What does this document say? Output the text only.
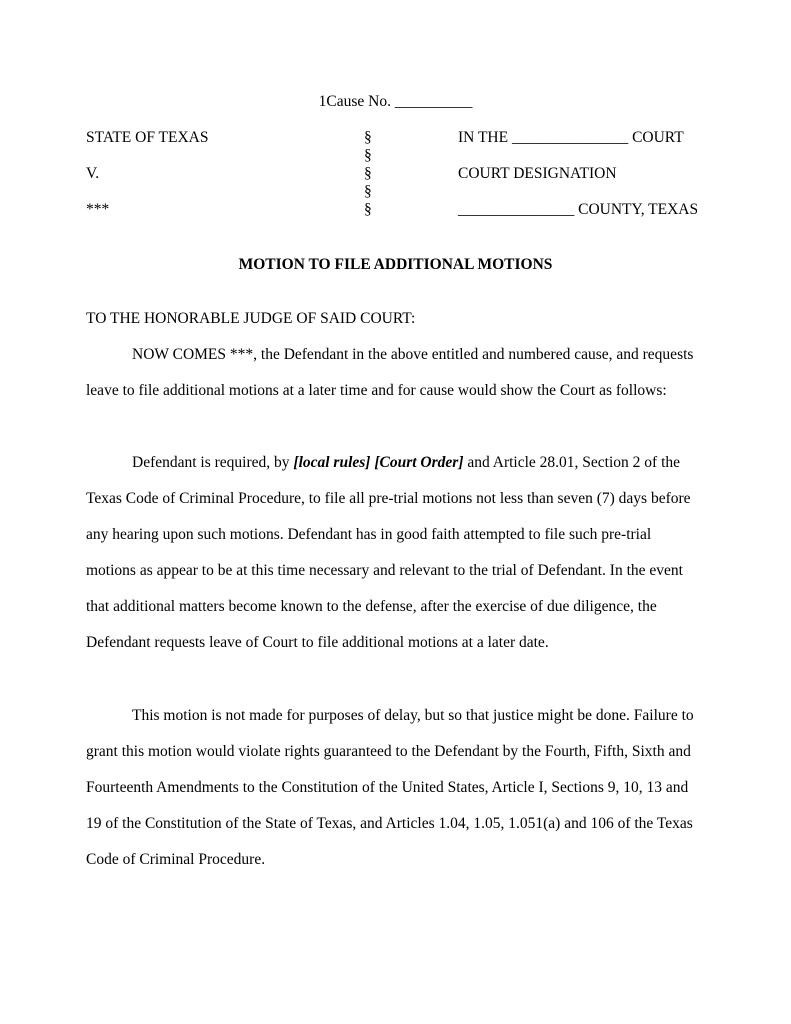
1Cause No. __________
STATE OF TEXAS
V.
***
§
§
§
§
§
IN THE _______________ COURT
COURT DESIGNATION
_______________ COUNTY, TEXAS
MOTION TO FILE ADDITIONAL MOTIONS
TO THE HONORABLE JUDGE OF SAID COURT:
NOW COMES ***, the Defendant in the above entitled and numbered cause, and requests
leave to file additional motions at a later time and for cause would show the Court as follows:
Defendant is required, by [local rules] [Court Order] and Article 28.01, Section 2 of the
Texas Code of Criminal Procedure, to file all pre-trial motions not less than seven (7) days before
any hearing upon such motions. Defendant has in good faith attempted to file such pre-trial
motions as appear to be at this time necessary and relevant to the trial of Defendant. In the event
that additional matters become known to the defense, after the exercise of due diligence, the
Defendant requests leave of Court to file additional motions at a later date.
This motion is not made for purposes of delay, but so that justice might be done. Failure to
grant this motion would violate rights guaranteed to the Defendant by the Fourth, Fifth, Sixth and
Fourteenth Amendments to the Constitution of the United States, Article I, Sections 9, 10, 13 and
19 of the Constitution of the State of Texas, and Articles 1.04, 1.05, 1.051(a) and 106 of the Texas
Code of Criminal Procedure.
